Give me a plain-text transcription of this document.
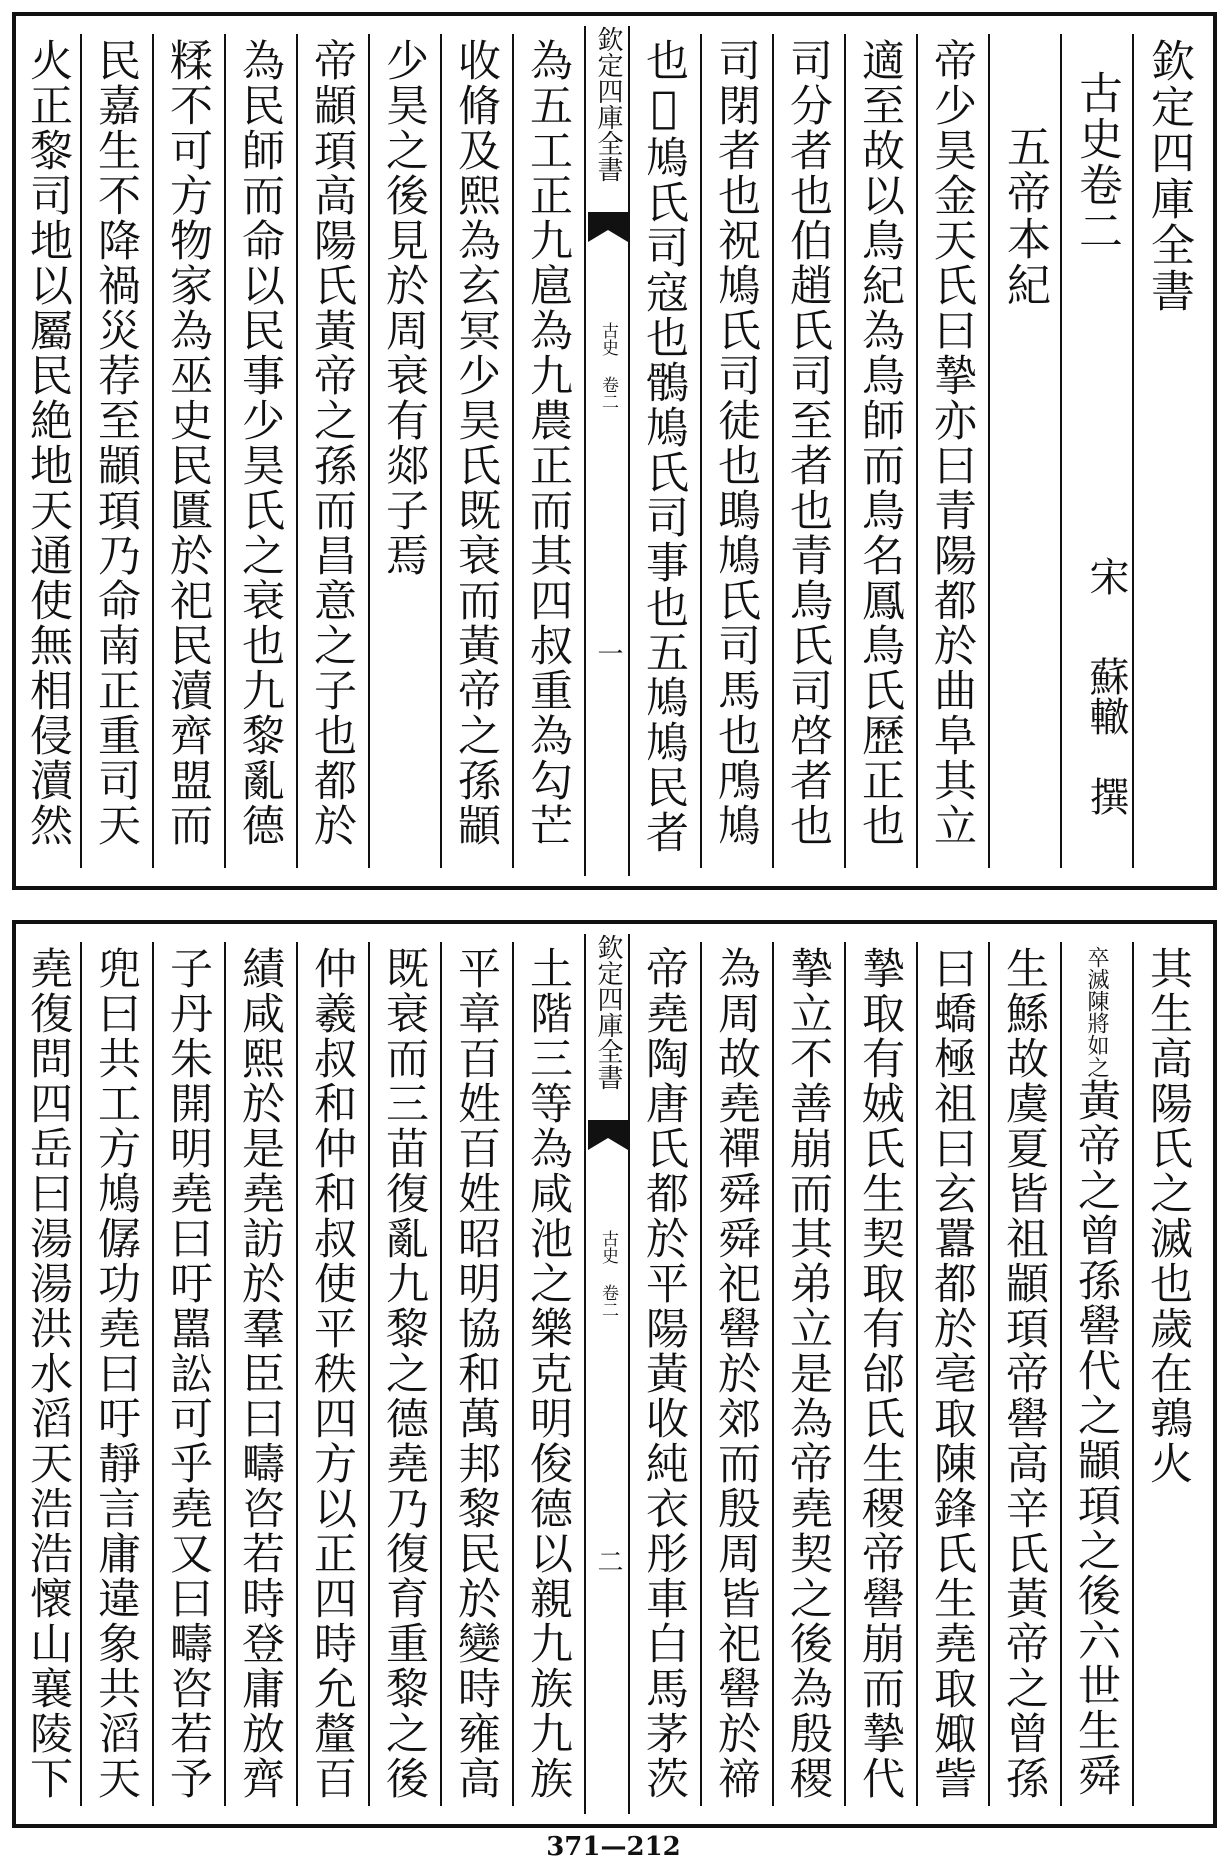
欽定四庫全書
古史卷二
五帝本紀
帝少昊金天氏曰摯亦曰青陽都於曲阜其立
宋
蘇轍
撰
適至故以鳥紀為鳥師而鳥名鳳鳥氏歷正也
司分者也伯趙氏司至者也青鳥氏司啓者也
司閉者也祝鳩氏司徒也鴡鳩氏司馬也鳲鳩
也𠂭鳩氏司寇也鶻鳩氏司事也五鳩鳩民者
欽定四庫全書  古史 卷二 一
為五工正九扈為九農正而其四叔重為勾芒
收脩及熙為玄冥少昊氏既衰而黃帝之孫顓
少昊之後見於周衰有郯子焉
帝顓頊高陽氏黃帝之孫而昌意之子也都於
為民師而命以民事少昊氏之衰也九黎亂德
糅不可方物家為巫史民匱於祀民瀆齊盟而
民嘉生不降禍災荐至顓頊乃命南正重司天
火正黎司地以屬民絶地天通使無相侵瀆然
其生高陽氏之滅也歲在鶉火
卒滅陳將如之黃帝之曾孫嚳代之顓頊之後六世生舜
生鯀故虞夏皆祖顓頊帝嚳高辛氏黃帝之曾孫
曰蟜極祖曰玄囂都於亳取陳鋒氏生堯取娵訾
摯取有娀氏生契取有邰氏生稷帝嚳崩而摯代
摯立不善崩而其弟立是為帝堯契之後為殷稷
為周故堯禪舜舜祀嚳於郊而殷周皆祀嚳於禘
帝堯陶唐氏都於平陽黃收純衣彤車白馬茅茨
欽定四庫全書  古史 卷二 二
土階三等為咸池之樂克明俊德以親九族九族
平章百姓百姓昭明協和萬邦黎民於變時雍高
既衰而三苗復亂九黎之德堯乃復育重黎之後
仲羲叔和仲和叔使平秩四方以正四時允釐百
績咸熙於是堯訪於羣臣曰疇咨若時登庸放齊
子丹朱開明堯曰吁嚚訟可乎堯又曰疇咨若予
兜曰共工方鳩僝功堯曰吁靜言庸違象共滔天
堯復問四岳曰湯湯洪水滔天浩浩懷山襄陵下
371—212
